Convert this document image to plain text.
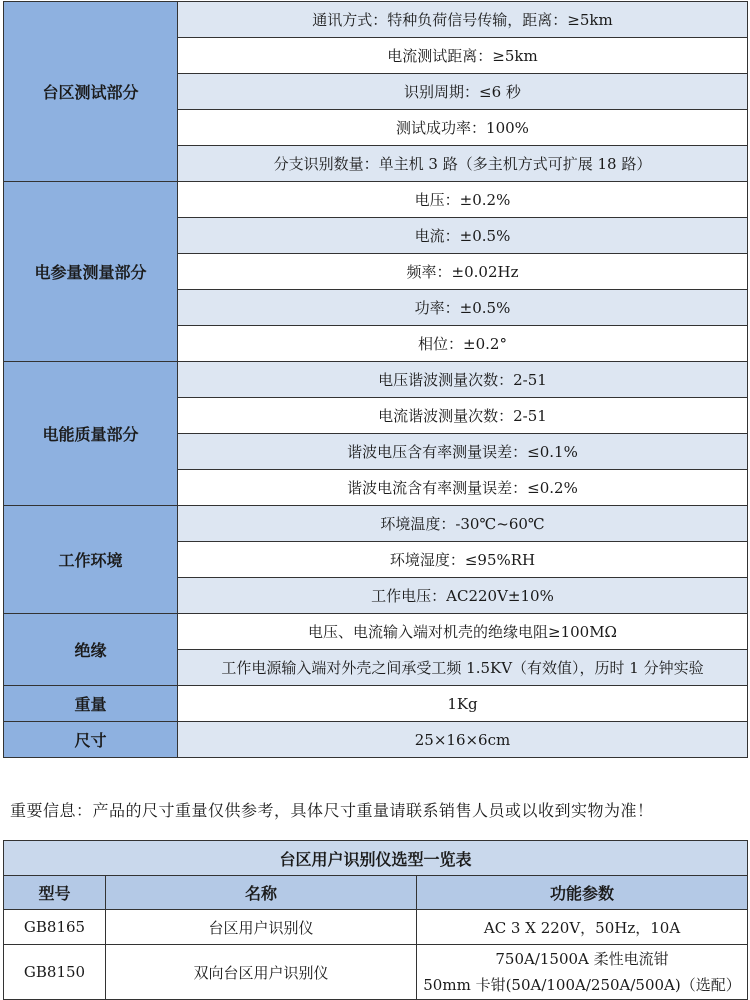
台区测试部分	通讯方式：特种负荷信号传输，距离：≥5km
	电流测试距离：≥5km
	识别周期：≤6 秒
	测试成功率：100%
	分支识别数量：单主机 3 路（多主机方式可扩展 18 路）
电参量测量部分	电压：±0.2%
	电流：±0.5%
	频率：±0.02Hz
	功率：±0.5%
	相位：±0.2°
电能质量部分	电压谐波测量次数：2-51
	电流谐波测量次数：2-51
	谐波电压含有率测量误差：≤0.1%
	谐波电流含有率测量误差：≤0.2%
工作环境	环境温度：-30℃~60℃
	环境湿度：≤95%RH
	工作电压：AC220V±10%
绝缘	电压、电流输入端对机壳的绝缘电阻≥100MΩ
	工作电源输入端对外壳之间承受工频 1.5KV（有效值），历时 1 分钟实验
重量	1Kg
尺寸	25×16×6cm
重要信息：产品的尺寸重量仅供参考，具体尺寸重量请联系销售人员或以收到实物为准！
台区用户识别仪选型一览表		
型号	名称	功能参数
GB8165	台区用户识别仪	AC 3 X 220V，50Hz，10A
GB8150	双向台区用户识别仪	750A/1500A 柔性电流钳
50mm 卡钳(50A/100A/250A/500A)（选配）
